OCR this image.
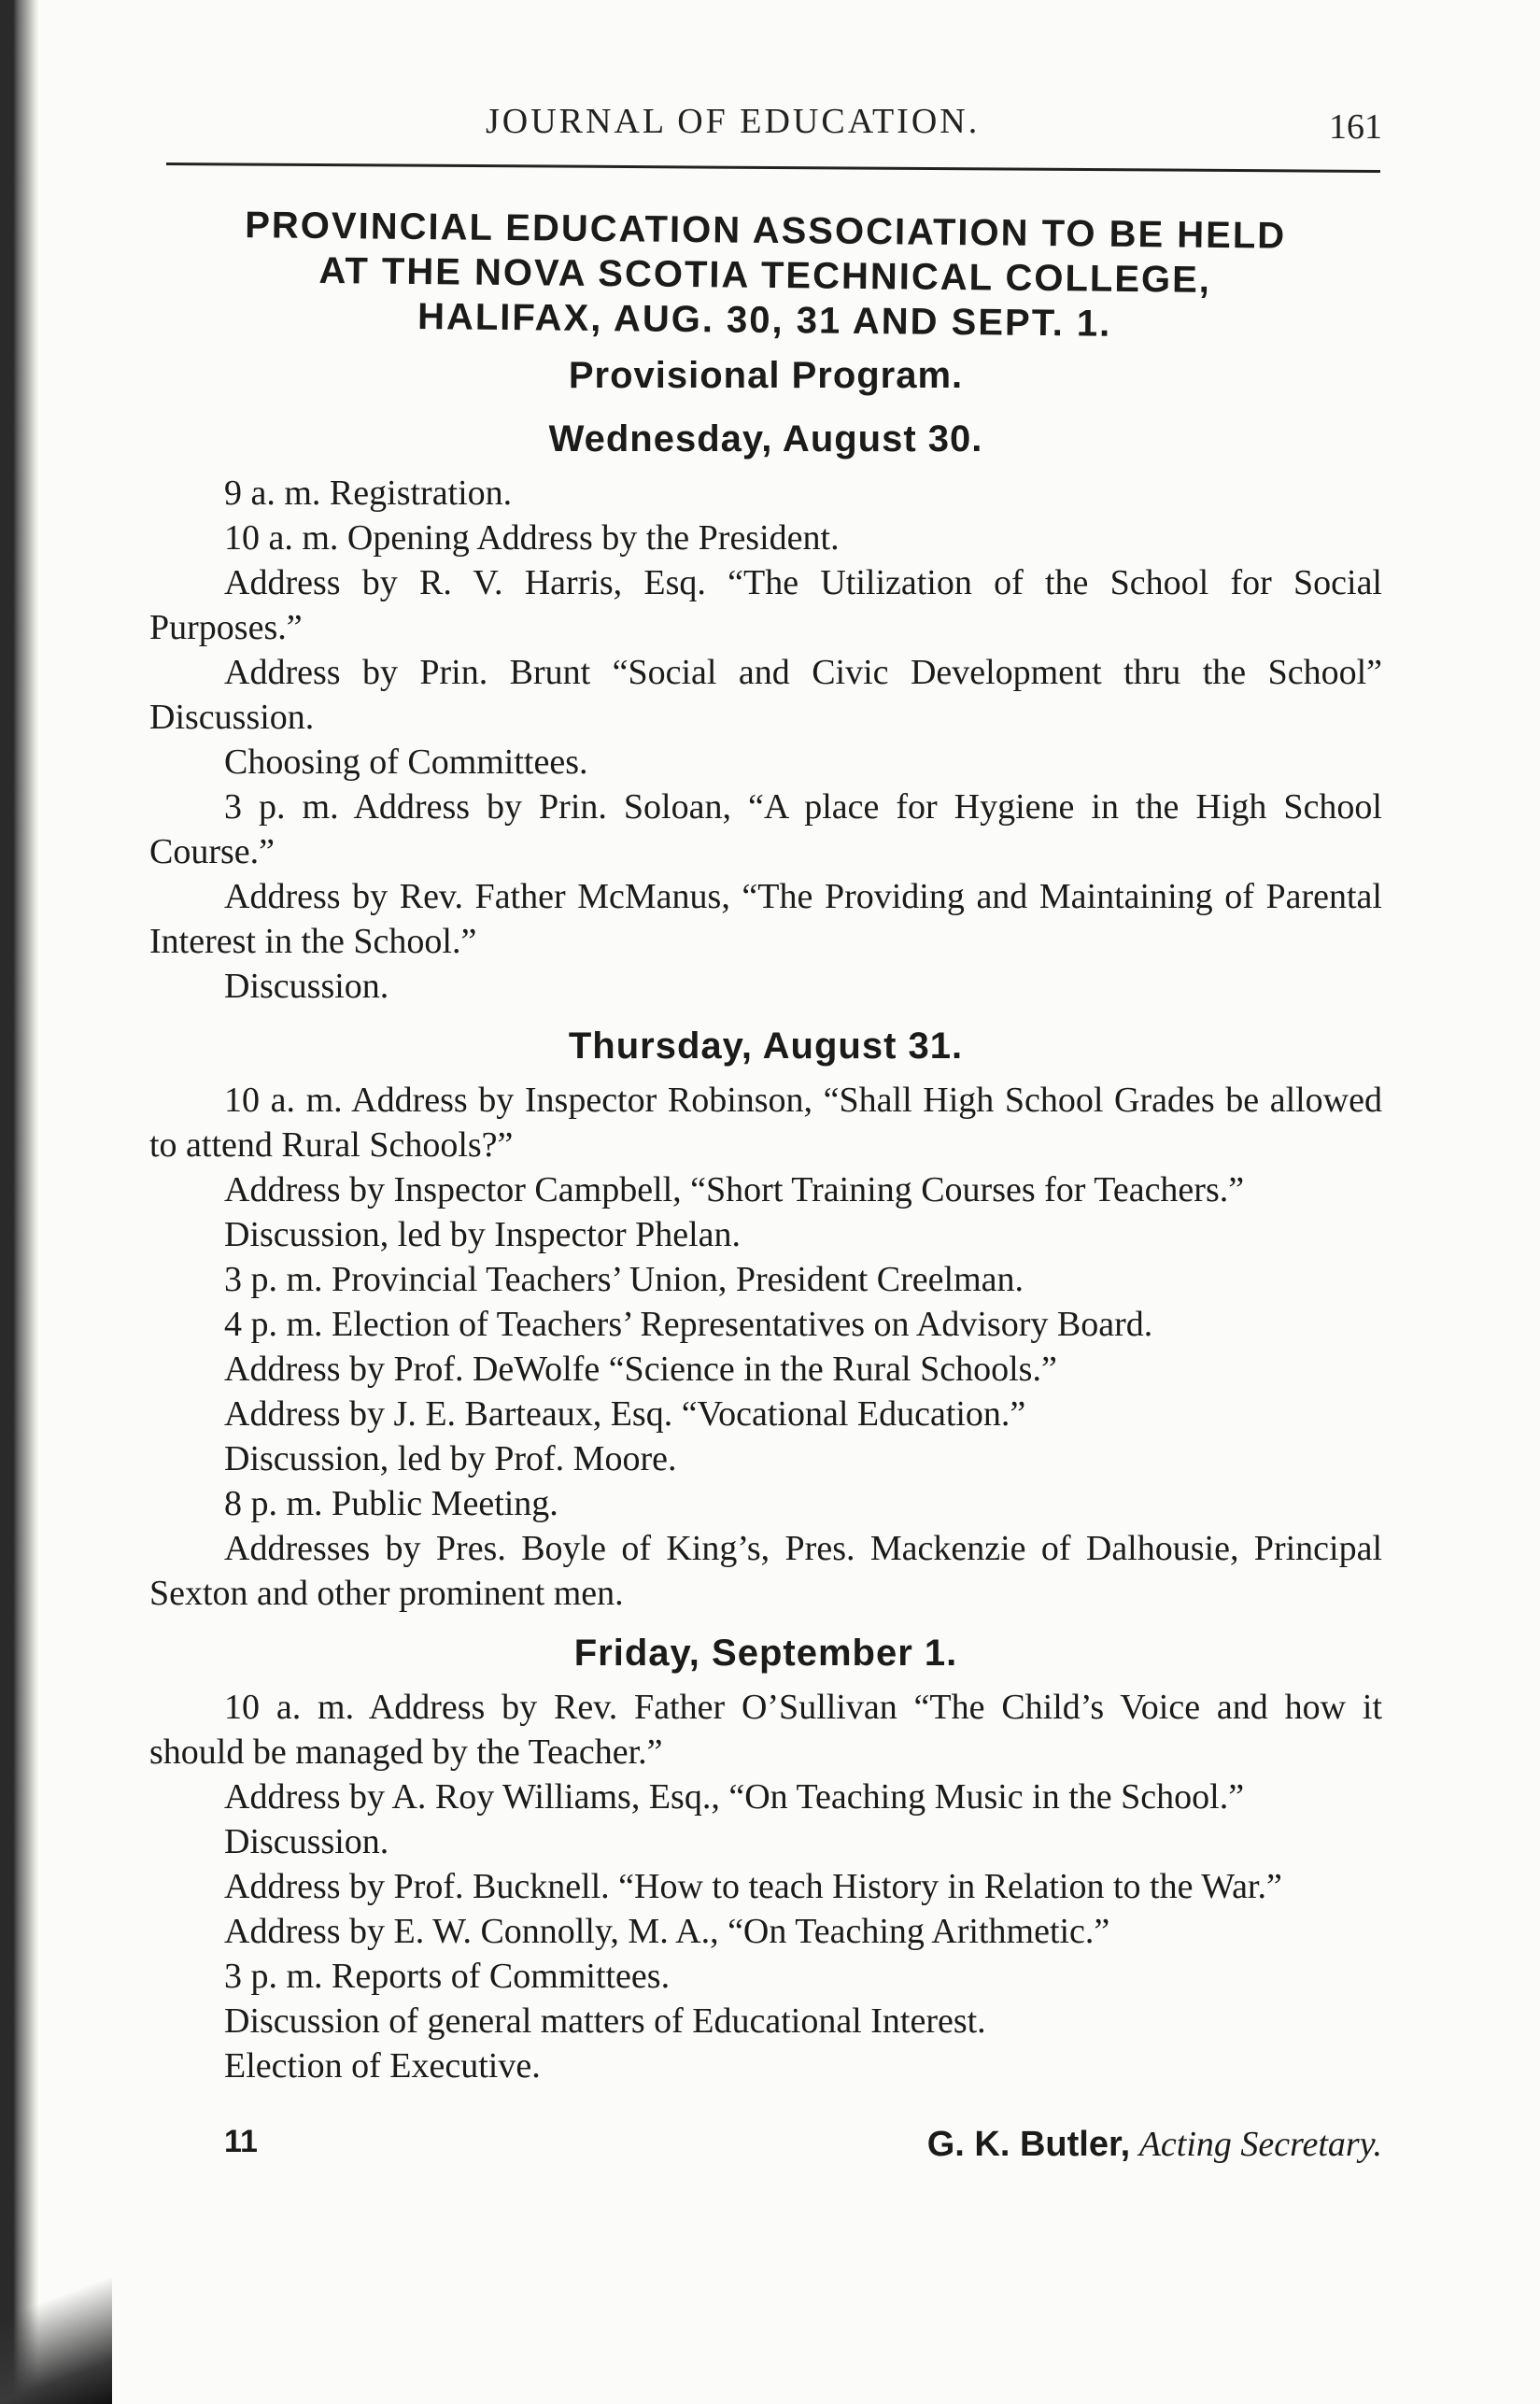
JOURNAL OF EDUCATION.	161
PROVINCIAL EDUCATION ASSOCIATION TO BE HELD
AT THE NOVA SCOTIA TECHNICAL COLLEGE,
HALIFAX, AUG. 30, 31 AND SEPT. 1.
Provisional Program.
Wednesday, August 30.

9 a. m. Registration.

10 a. m. Opening Address by the President.

Address by R. V. Harris, Esq. “The Utilization of the School for Social Purposes.”

Address by Prin. Brunt “Social and Civic Development thru the School” Discussion.

Choosing of Committees.

3 p. m. Address by Prin. Soloan, “A place for Hygiene in the High School Course.”

Address by Rev. Father McManus, “The Providing and Maintaining of Parental Interest in the School.”

Discussion.

Thursday, August 31.

10 a. m. Address by Inspector Robinson, “Shall High School Grades be allowed to attend Rural Schools?”

Address by Inspector Campbell, “Short Training Courses for Teachers.”

Discussion, led by Inspector Phelan.

3 p. m. Provincial Teachers’ Union, President Creelman.

4 p. m. Election of Teachers’ Representatives on Advisory Board.

Address by Prof. DeWolfe “Science in the Rural Schools.”

Address by J. E. Barteaux, Esq. “Vocational Education.”

Discussion, led by Prof. Moore.

8 p. m. Public Meeting.

Addresses by Pres. Boyle of King’s, Pres. Mackenzie of Dalhousie, Principal Sexton and other prominent men.

Friday, September 1.

10 a. m. Address by Rev. Father O’Sullivan “The Child’s Voice and how it should be managed by the Teacher.”

Address by A. Roy Williams, Esq., “On Teaching Music in the School.”

Discussion.

Address by Prof. Bucknell. “How to teach History in Relation to the War.”

Address by E. W. Connolly, M. A., “On Teaching Arithmetic.”

3 p. m. Reports of Committees.

Discussion of general matters of Educational Interest.

Election of Executive.

11	G. K. Butler, Acting Secretary.
